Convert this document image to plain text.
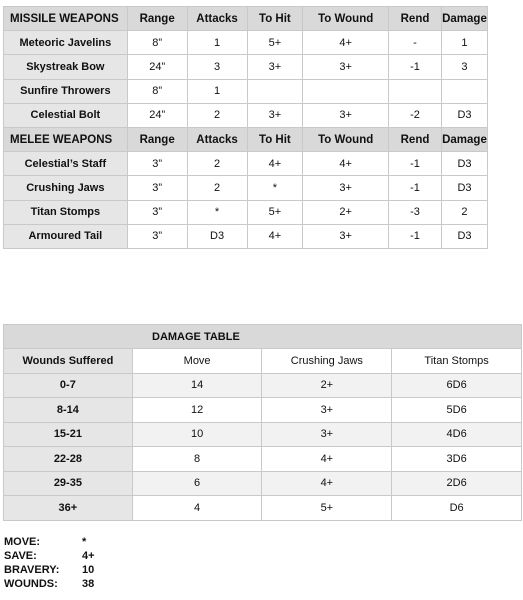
MISSILE WEAPONS	Range	Attacks	To Hit	To Wound	Rend	Damage
Meteoric Javelins	8”	1	5+	4+	-	1
Skystreak Bow	24”	3	3+	3+	-1	3
Sunfire Throwers	8”	1				
Celestial Bolt	24”	2	3+	3+	-2	D3
MELEE WEAPONS	Range	Attacks	To Hit	To Wound	Rend	Damage
Celestial’s Staff	3”	2	4+	4+	-1	D3
Crushing Jaws	3”	2	*	3+	-1	D3
Titan Stomps	3”	*	5+	2+	-3	2
Armoured Tail	3”	D3	4+	3+	-1	D3
DAMAGE TABLE			
Wounds Suffered	Move	Crushing Jaws	Titan Stomps
0-7	14	2+	6D6
8-14	12	3+	5D6
15-21	10	3+	4D6
22-28	8	4+	3D6
29-35	6	4+	2D6
36+	4	5+	D6
MOVE:	*
SAVE:	4+
BRAVERY:	10
WOUNDS:	38
